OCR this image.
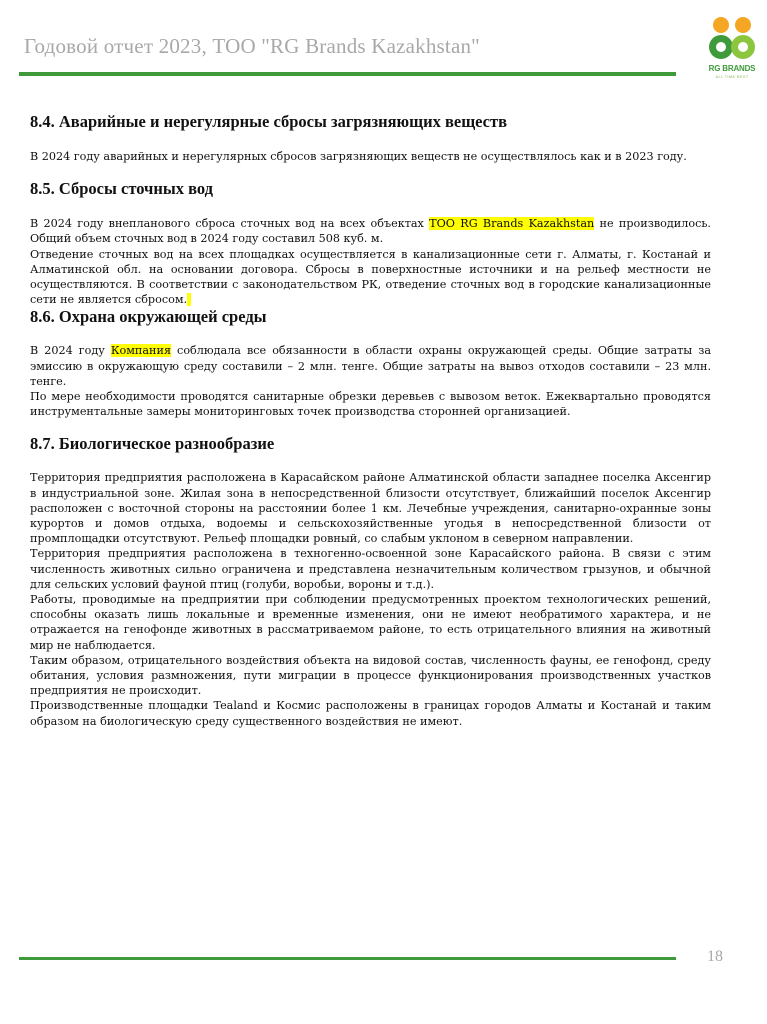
Годовой отчет 2023, ТОО "RG Brands Kazakhstan"
RG BRANDS
ALL TIME BEST
8.4. Аварийные и нерегулярные сбросы загрязняющих веществ

В 2024 году аварийных и нерегулярных сбросов загрязняющих веществ не осуществлялось как и в 2023 году.

8.5. Сбросы сточных вод

В 2024 году внепланового сброса сточных вод на всех объектах ТОО RG Brands Kazakhstan не производилось. Общий объем сточных вод в 2024 году составил 508 куб. м.

Отведение сточных вод на всех площадках осуществляется в канализационные сети г. Алматы, г. Костанай и Алматинской обл. на основании договора. Сбросы в поверхностные источники и на рельеф местности не осуществляются. В соответствии с законодательством РК, отведение сточных вод в городские канализационные сети не является сбросом.

8.6. Охрана окружающей среды

В 2024 году Компания соблюдала все обязанности в области охраны окружающей среды. Общие затраты за эмиссию в окружающую среду составили – 2 млн. тенге. Общие затраты на вывоз отходов составили – 23 млн. тенге.

По мере необходимости проводятся санитарные обрезки деревьев с вывозом веток. Ежеквартально проводятся инструментальные замеры мониторинговых точек производства сторонней организацией.

8.7. Биологическое разнообразие

Территория предприятия расположена в Карасайском районе Алматинской области западнее поселка Аксенгир в индустриальной зоне. Жилая зона в непосредственной близости отсутствует, ближайший поселок Аксенгир расположен с восточной стороны на расстоянии более 1 км. Лечебные учреждения, санитарно-охранные зоны курортов и домов отдыха, водоемы и сельскохозяйственные угодья в непосредственной близости от промплощадки отсутствуют. Рельеф площадки ровный, со слабым уклоном в северном направлении.

Территория предприятия расположена в техногенно-освоенной зоне Карасайского района. В связи с этим численность животных сильно ограничена и представлена незначительным количеством грызунов, и обычной для сельских условий фауной птиц (голуби, воробьи, вороны и т.д.).

Работы, проводимые на предприятии при соблюдении предусмотренных проектом технологических решений, способны оказать лишь локальные и временные изменения, они не имеют необратимого характера, и не отражается на генофонде животных в рассматриваемом районе, то есть отрицательного влияния на животный мир не наблюдается.

Таким образом, отрицательного воздействия объекта на видовой состав, численность фауны, ее генофонд, среду обитания, условия размножения, пути миграции в процессе функционирования производственных участков предприятия не происходит.

Производственные площадки Tealand и Космис расположены в границах городов Алматы и Костанай и таким образом на биологическую среду существенного воздействия не имеют.

18
